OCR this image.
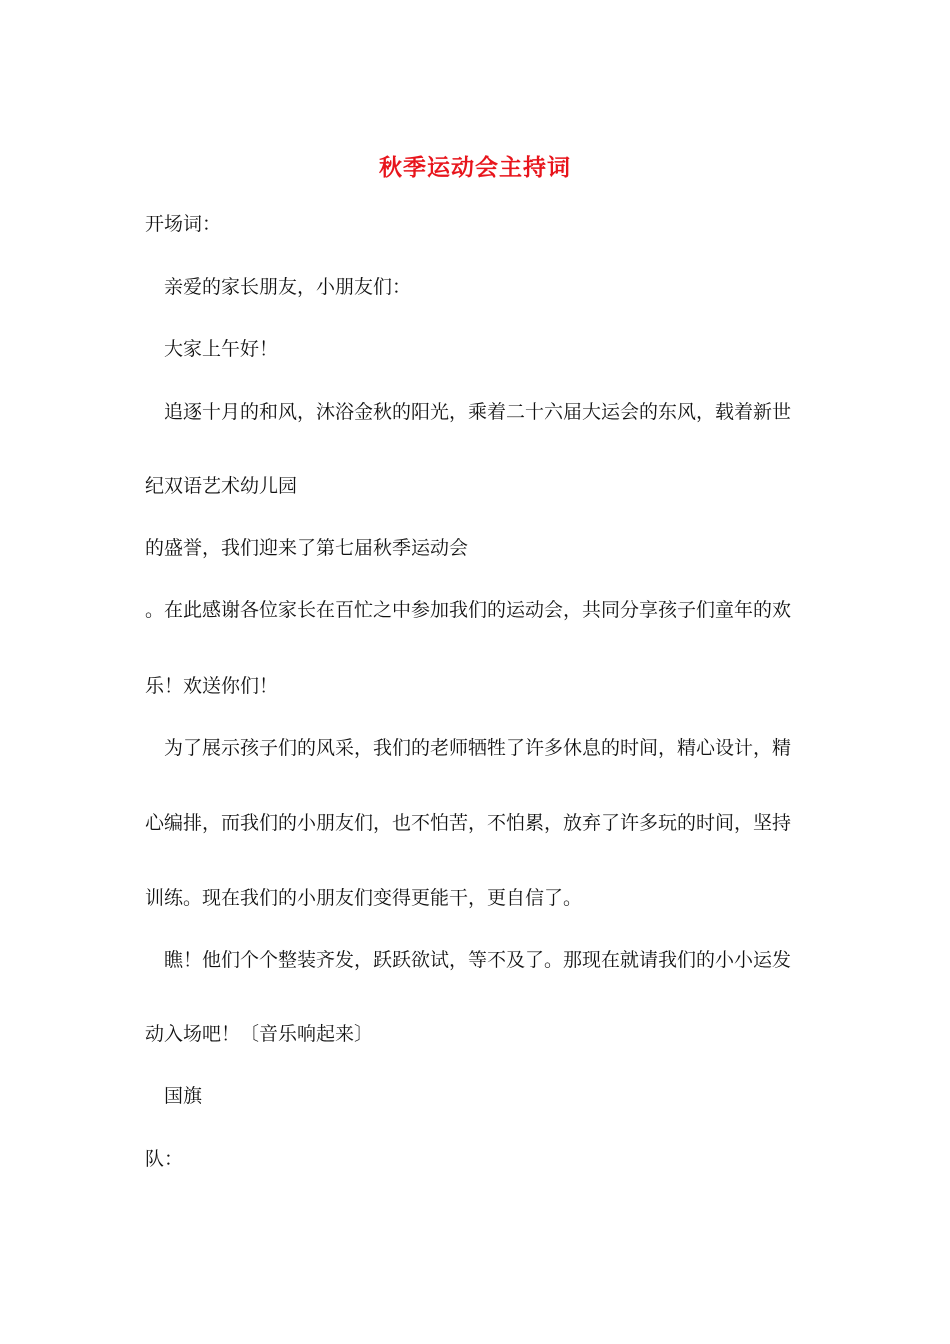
秋季运动会主持词
开场词：
亲爱的家长朋友，小朋友们：
大家上午好！
追逐十月的和风，沐浴金秋的阳光，乘着二十六届大运会的东风，载着新世
纪双语艺术幼儿园
的盛誉，我们迎来了第七届秋季运动会
。在此感谢各位家长在百忙之中参加我们的运动会，共同分享孩子们童年的欢
乐！欢送你们！
为了展示孩子们的风采，我们的老师牺牲了许多休息的时间，精心设计，精
心编排，而我们的小朋友们，也不怕苦，不怕累，放弃了许多玩的时间，坚持
训练。现在我们的小朋友们变得更能干，更自信了。
瞧！他们个个整装齐发，跃跃欲试，等不及了。那现在就请我们的小小运发
动入场吧！〔音乐响起来〕
国旗
队：
